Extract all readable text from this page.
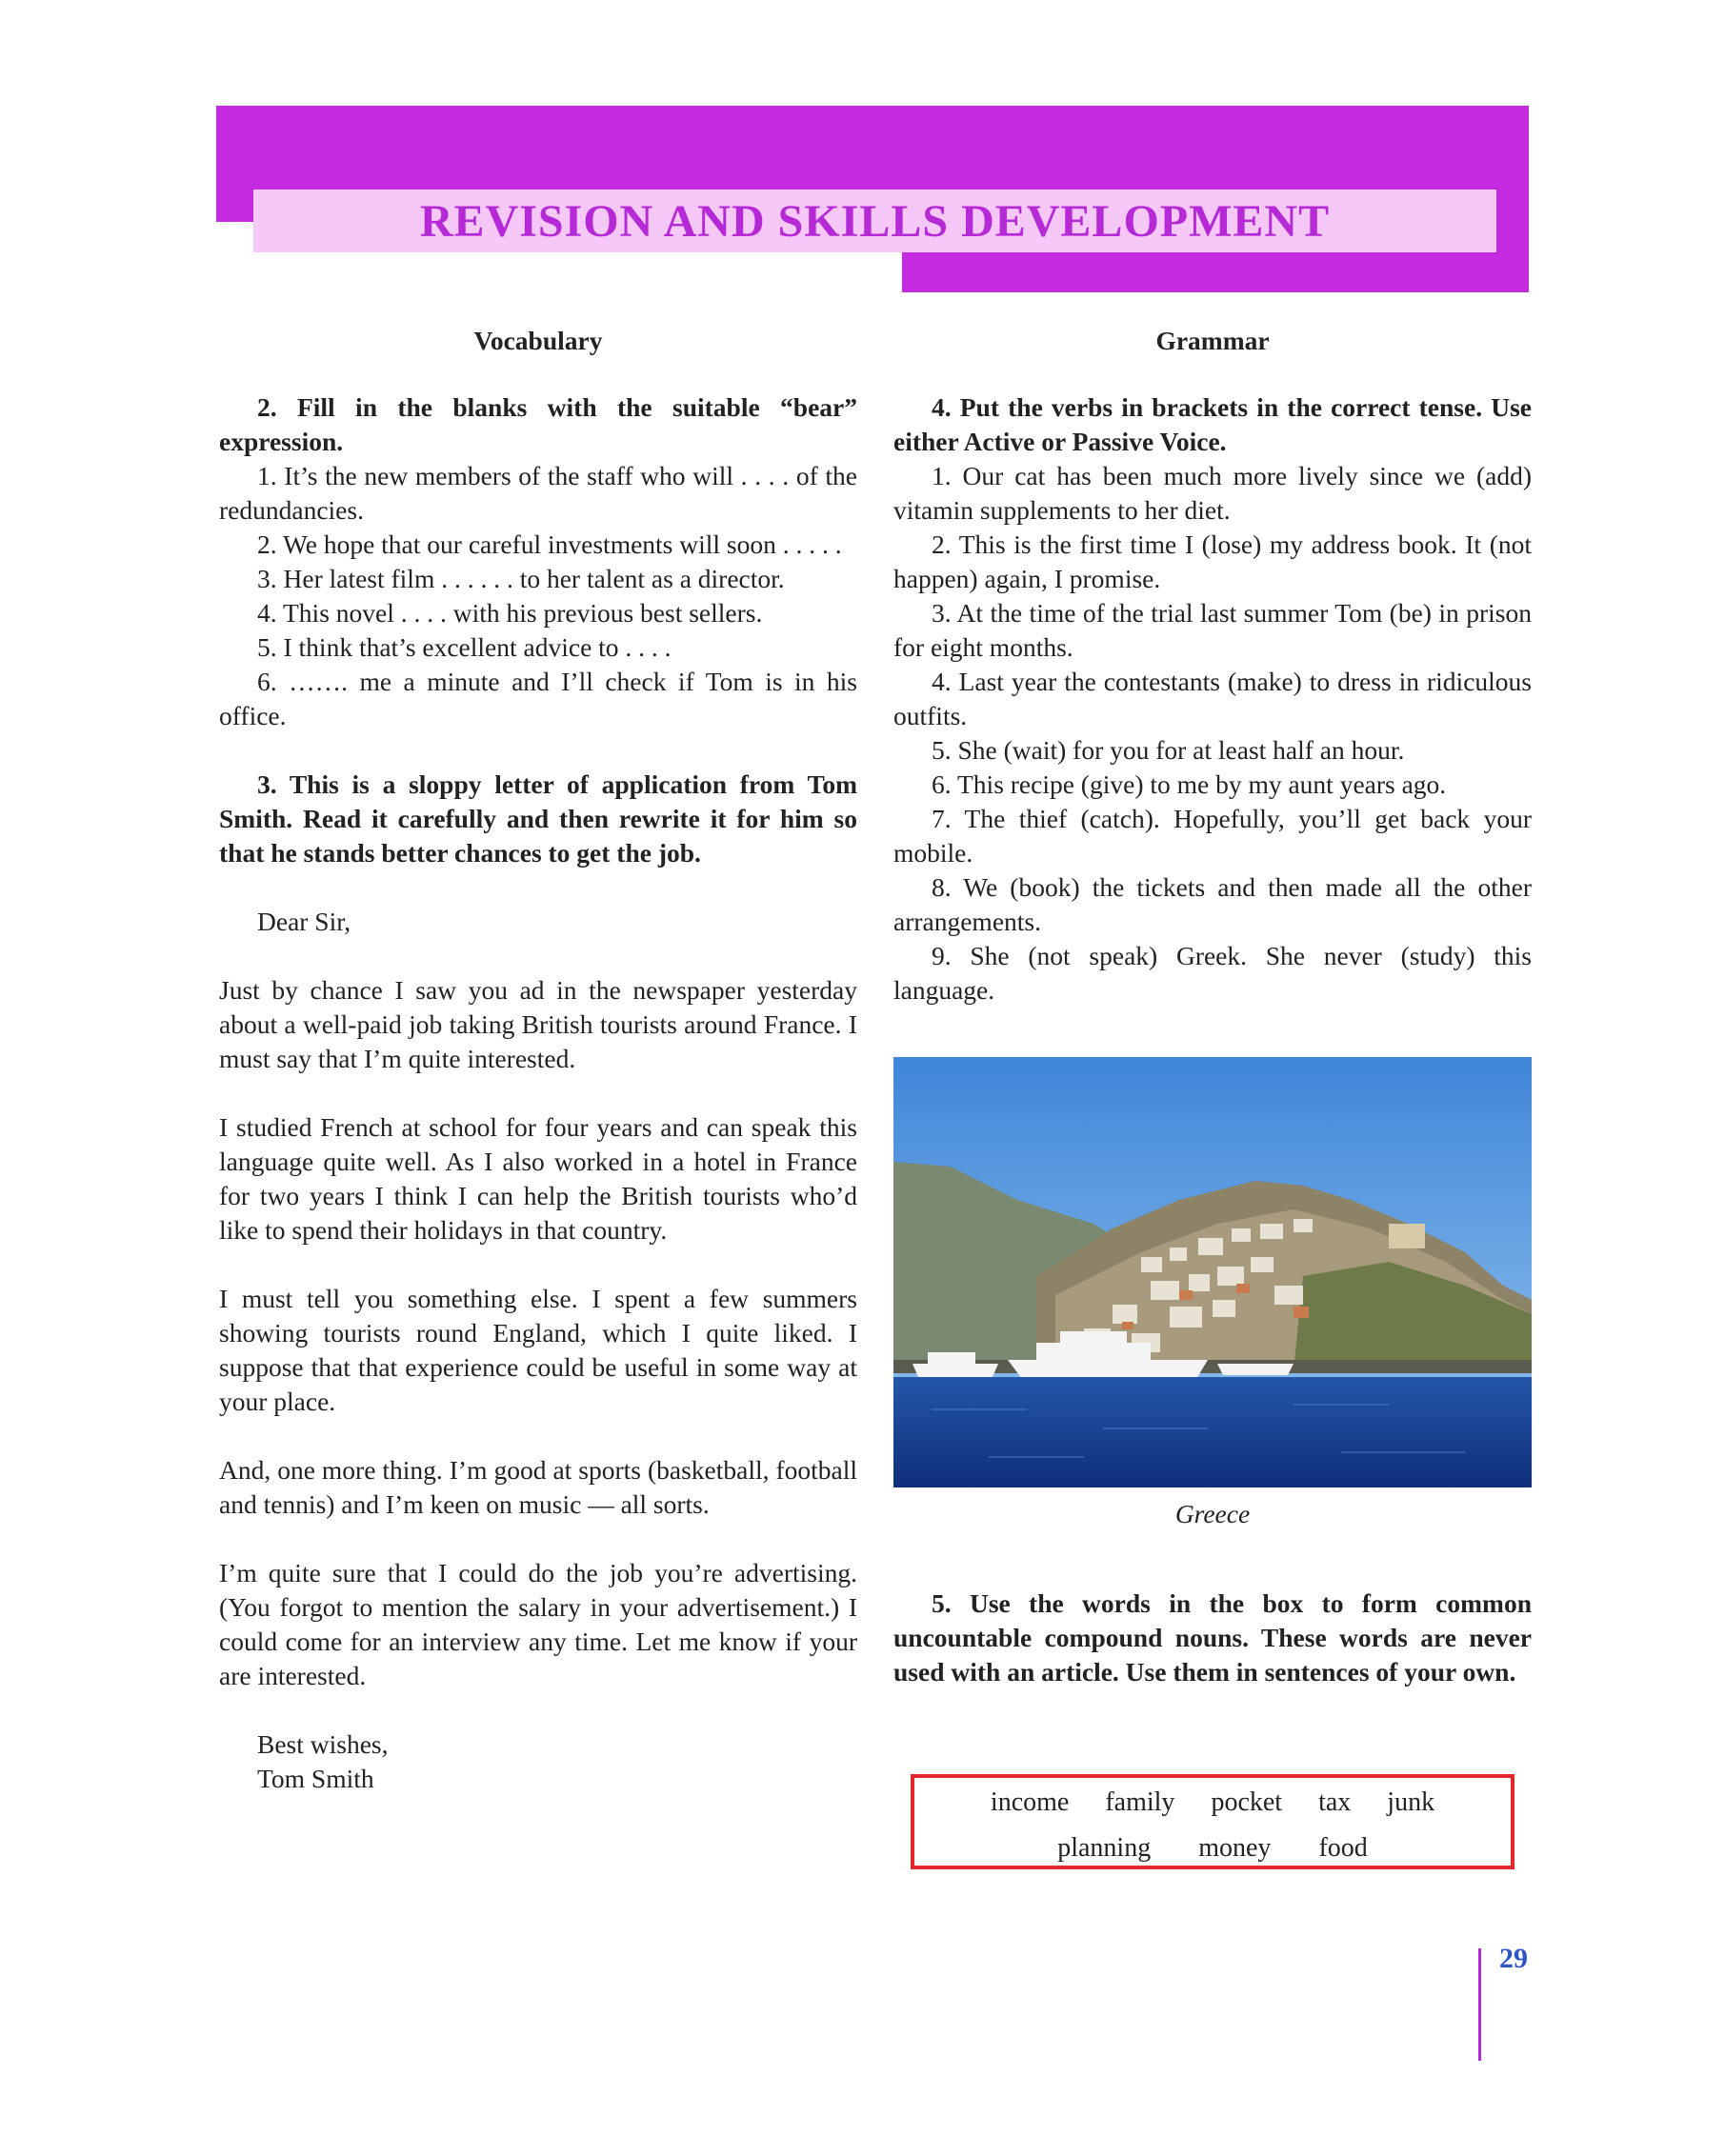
REVISION AND SKILLS DEVELOPMENT

Vocabulary

2. Fill in the blanks with the suitable “bear” expression.

1. It’s the new members of the staff who will . . . . of the redundancies.

2. We hope that our careful investments will soon . . . . .

3. Her latest film . . . . . . to her talent as a director.

4. This novel . . . . with his previous best sellers.

5. I think that’s excellent advice to . . . .

6. ……. me a minute and I’ll check if Tom is in his office.

3. This is a sloppy letter of application from Tom Smith. Read it carefully and then rewrite it for him so that he stands better chances to get the job.

Dear Sir,

Just by chance I saw you ad in the newspaper yesterday about a well-paid job taking British tourists around France. I must say that I’m quite interested.

I studied French at school for four years and can speak this language quite well. As I also worked in a hotel in France for two years I think I can help the British tourists who’d like to spend their holidays in that country.

I must tell you something else. I spent a few summers showing tourists round England, which I quite liked. I suppose that that experience could be useful in some way at your place.

And, one more thing. I’m good at sports (basketball, football and tennis) and I’m keen on music — all sorts.

I’m quite sure that I could do the job you’re advertising. (You forgot to mention the salary in your advertisement.) I could come for an interview any time. Let me know if your are interested.

Best wishes,

Tom Smith

Grammar

4. Put the verbs in brackets in the correct tense. Use either Active or Passive Voice.

1. Our cat has been much more lively since we (add) vitamin supplements to her diet.

2. This is the first time I (lose) my address book. It (not happen) again, I promise.

3. At the time of the trial last summer Tom (be) in prison for eight months.

4. Last year the contestants (make) to dress in ridiculous outfits.

5. She (wait) for you for at least half an hour.

6. This recipe (give) to me by my aunt years ago.

7. The thief (catch). Hopefully, you’ll get back your mobile.

8. We (book) the tickets and then made all the other arrangements.

9. She (not speak) Greek. She never (study) this language.

Greece

5. Use the words in the box to form common uncountable compound nouns. These words are never used with an article. Use them in sentences of your own.

income family pocket tax junk
planning money food
29
